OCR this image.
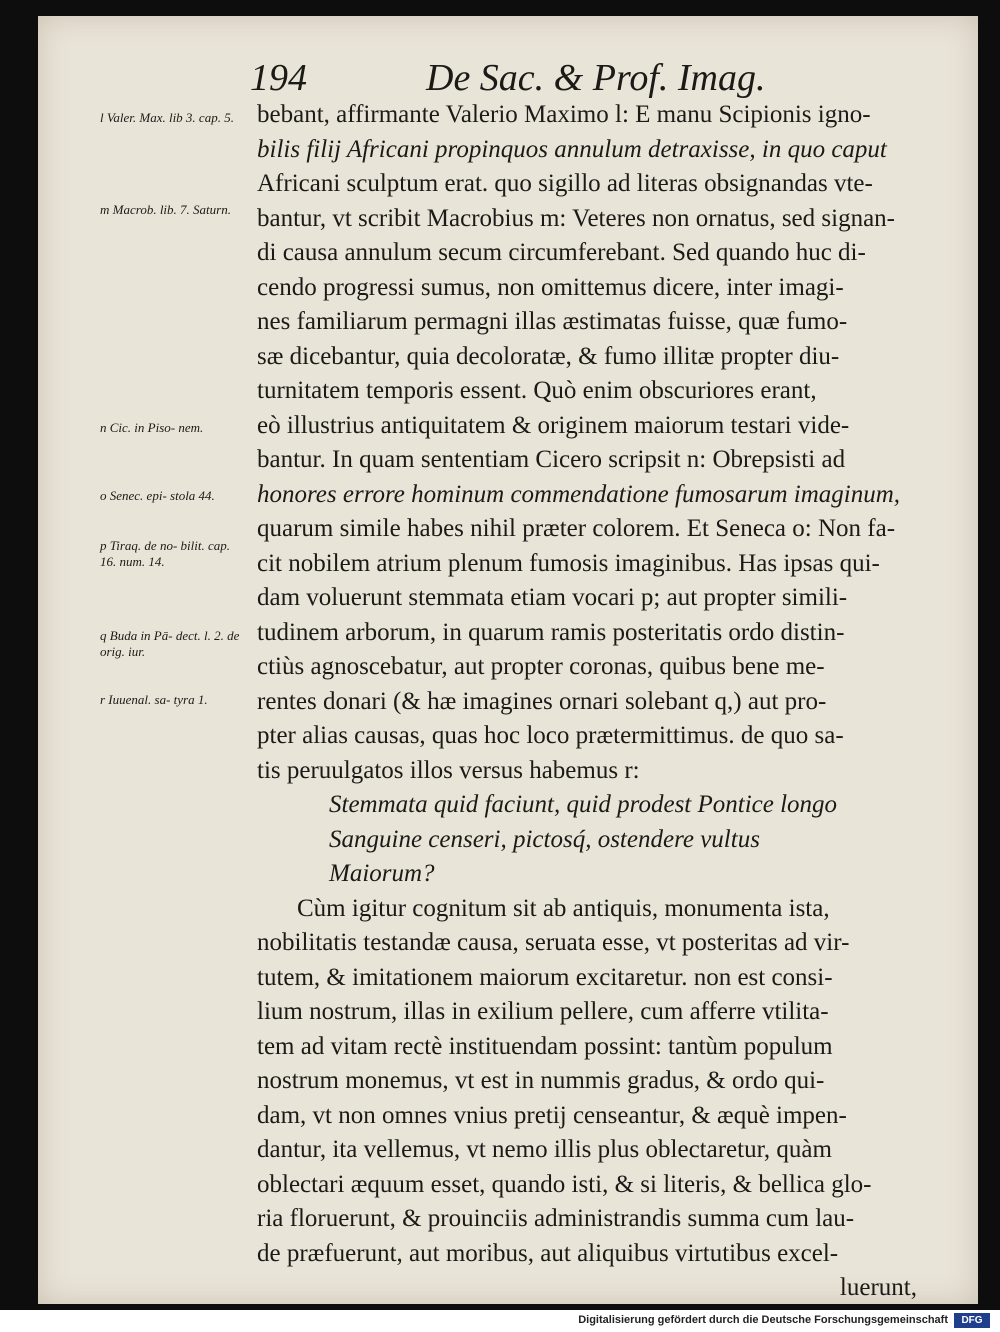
194	De Sac. & Prof. Imag.
l Valer. Max. lib 3. cap. 5.
m Macrob. lib. 7. Saturn.
n Cic. in Piso- nem.
o Senec. epi- stola 44.
p Tiraq. de no- bilit. cap. 16. num. 14.
q Buda in Pā- dect. l. 2. de orig. iur.
r Iuuenal. sa- tyra 1.
bebant, affirmante Valerio Maximo l: E manu Scipionis igno-
bilis filij Africani propinquos annulum detraxisse, in quo caput
Africani sculptum erat. quo sigillo ad literas obsignandas vte-
bantur, vt scribit Macrobius m: Veteres non ornatus, sed signan-
di causa annulum secum circumferebant. Sed quando huc di-
cendo progressi sumus, non omittemus dicere, inter imagi-
nes familiarum permagni illas æstimatas fuisse, quæ fumo-
sæ dicebantur, quia decoloratæ, & fumo illitæ propter diu-
turnitatem temporis essent. Quò enim obscuriores erant,
eò illustrius antiquitatem & originem maiorum testari vide-
bantur. In quam sententiam Cicero scripsit n: Obrepsisti ad
honores errore hominum commendatione fumosarum imaginum,
quarum simile habes nihil præter colorem. Et Seneca o: Non fa-
cit nobilem atrium plenum fumosis imaginibus. Has ipsas qui-
dam voluerunt stemmata etiam vocari p; aut propter simili-
tudinem arborum, in quarum ramis posteritatis ordo distin-
ctiùs agnoscebatur, aut propter coronas, quibus bene me-
rentes donari (& hæ imagines ornari solebant q,) aut pro-
pter alias causas, quas hoc loco prætermittimus. de quo sa-
tis peruulgatos illos versus habemus r:
Stemmata quid faciunt, quid prodest Pontice longo
Sanguine censeri, pictosq́, ostendere vultus
Maiorum?
Cùm igitur cognitum sit ab antiquis, monumenta ista,
nobilitatis testandæ causa, seruata esse, vt posteritas ad vir-
tutem, & imitationem maiorum excitaretur. non est consi-
lium nostrum, illas in exilium pellere, cum afferre vtilita-
tem ad vitam rectè instituendam possint: tantùm populum
nostrum monemus, vt est in nummis gradus, & ordo qui-
dam, vt non omnes vnius pretij censeantur, & æquè impen-
dantur, ita vellemus, vt nemo illis plus oblectaretur, quàm
oblectari æquum esset, quando isti, & si literis, & bellica glo-
ria floruerunt, & prouinciis administrandis summa cum lau-
de præfuerunt, aut moribus, aut aliquibus virtutibus excel-
luerunt,
Digitalisierung gefördert durch die Deutsche Forschungsgemeinschaft	DFG
